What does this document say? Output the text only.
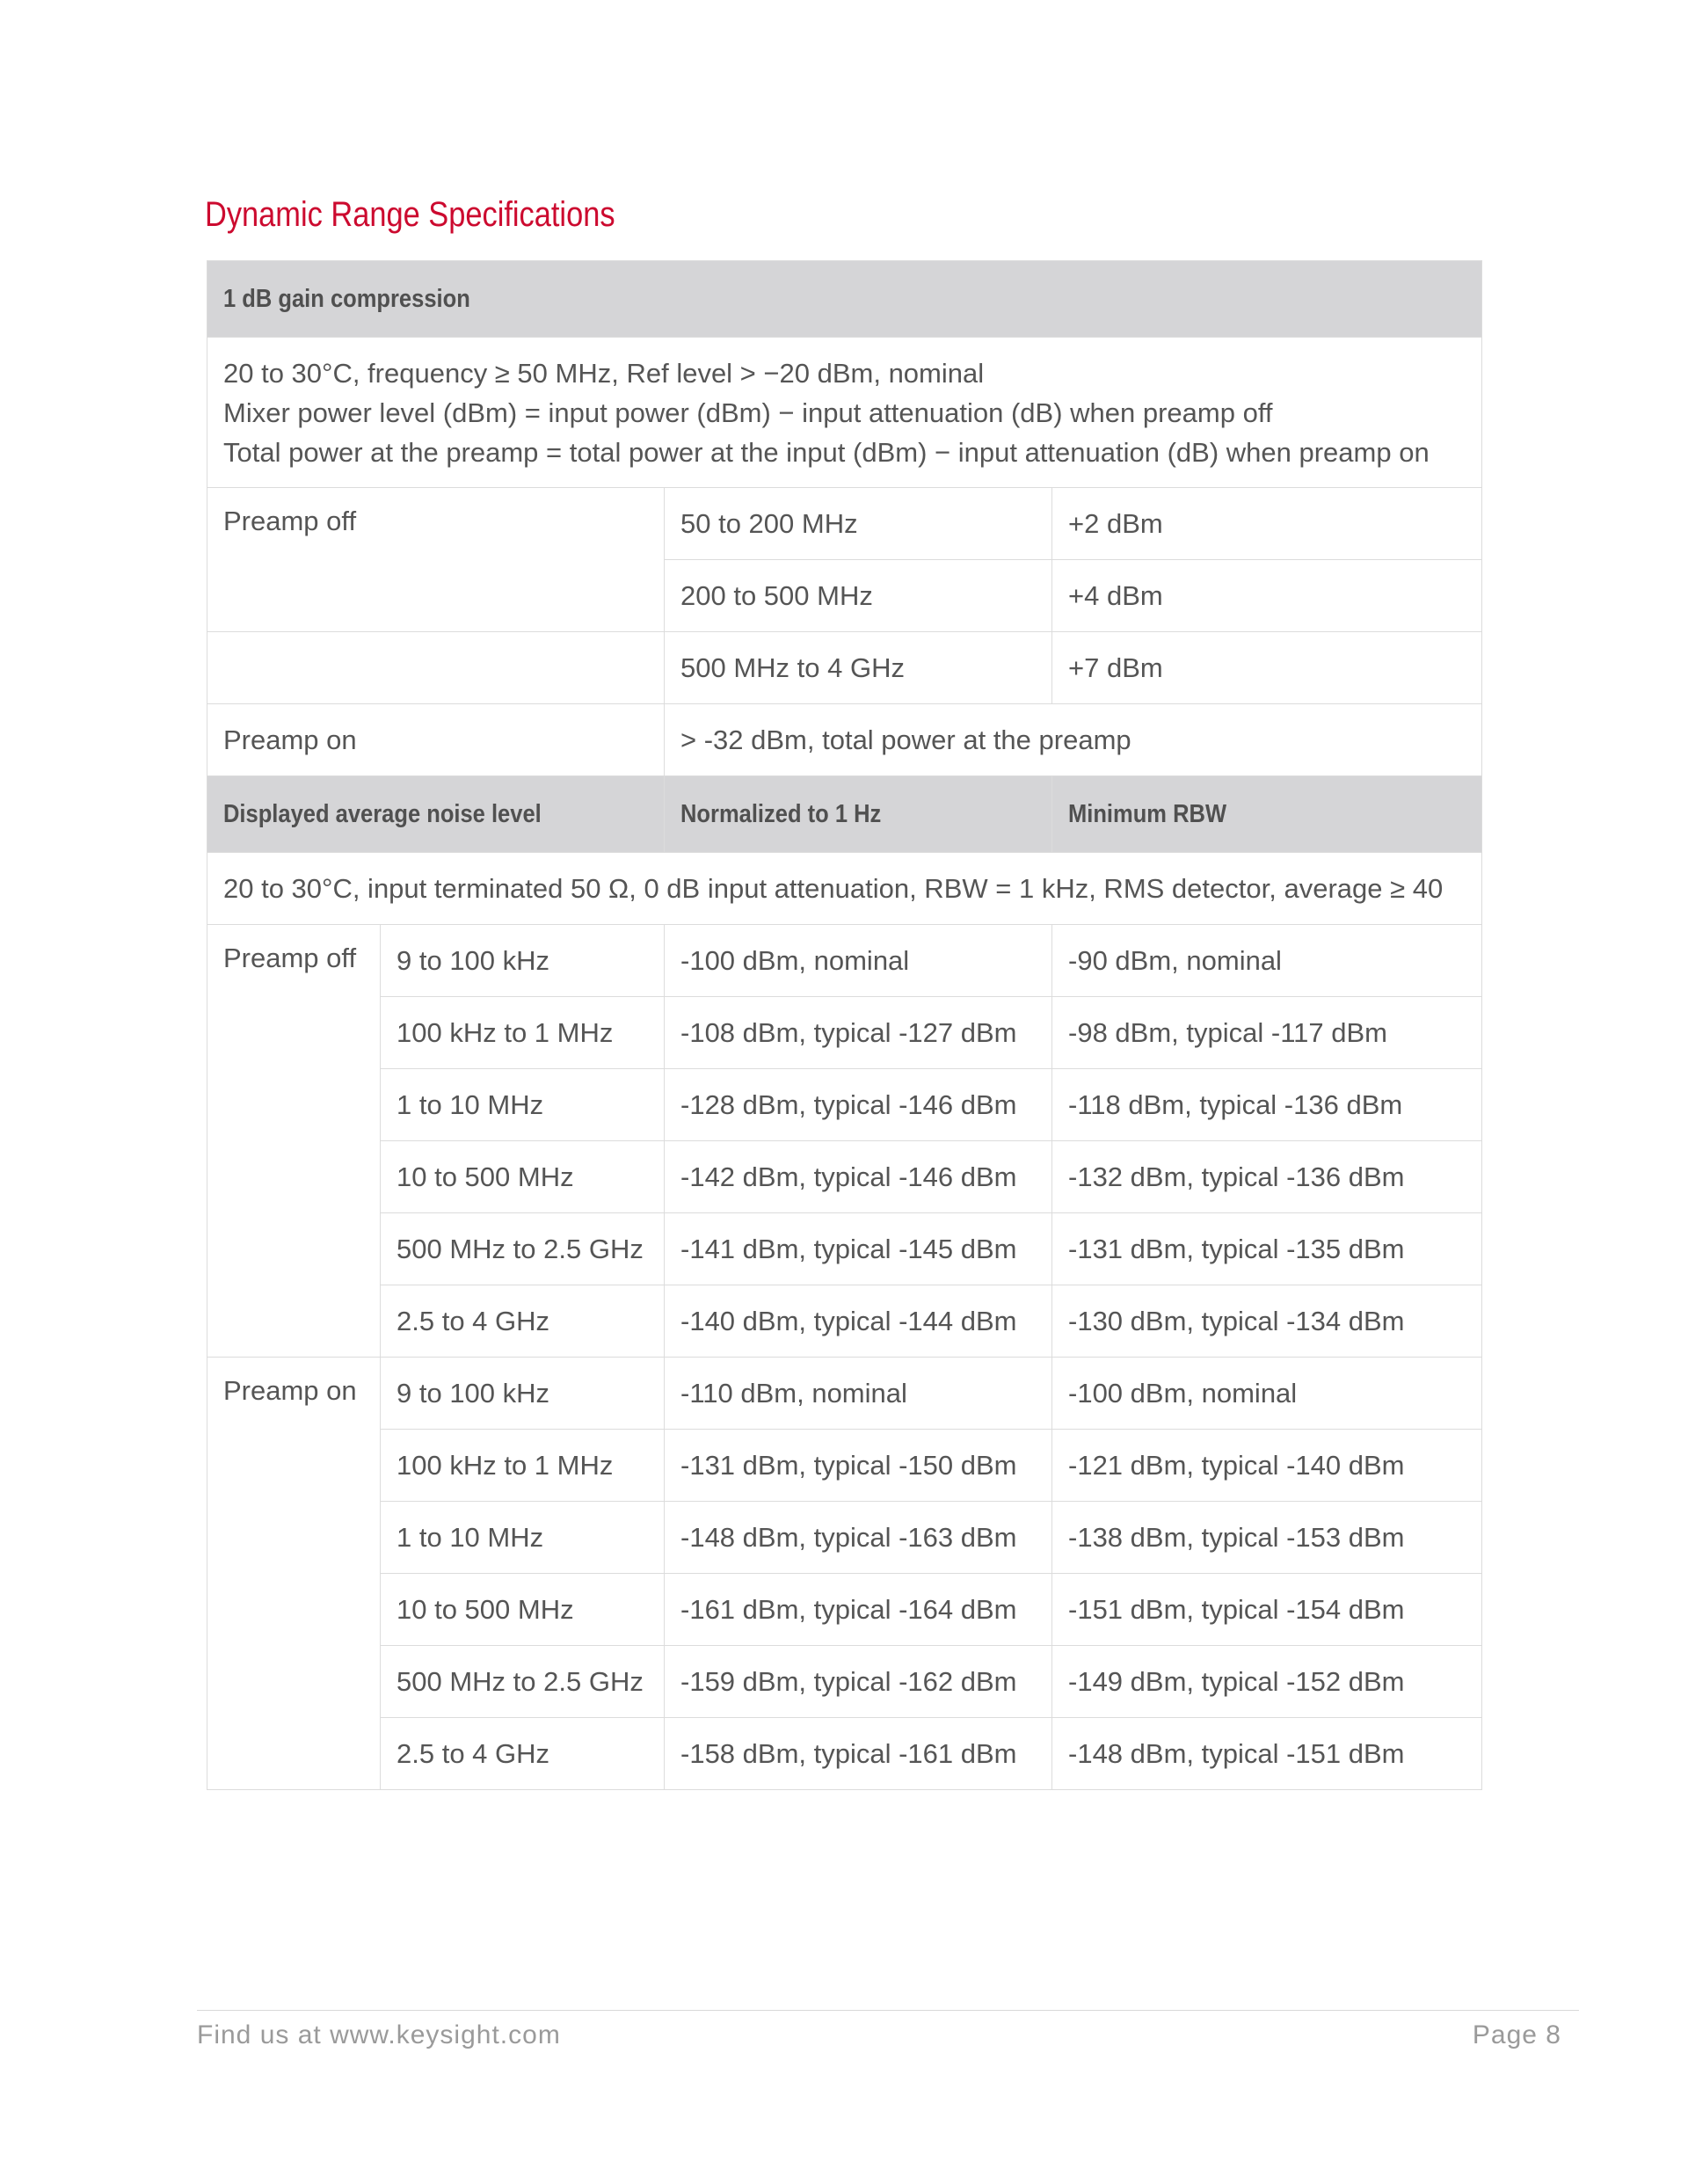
Dynamic Range Specifications
1 dB gain compression			

20 to 30°C, frequency ≥ 50 MHz, Ref level > −20 dBm, nominal
Mixer power level (dBm) = input power (dBm) − input attenuation (dB) when preamp off
Total power at the preamp = total power at the input (dBm) − input attenuation (dB) when preamp on			

Preamp off		50 to 200 MHz	+2 dBm
		200 to 500 MHz	+4 dBm
		500 MHz to 4 GHz	+7 dBm
Preamp on		> -32 dBm, total power at the preamp	
Displayed average noise level		Normalized to 1 Hz	Minimum RBW
20 to 30°C, input terminated 50 Ω, 0 dB input attenuation, RBW = 1 kHz, RMS detector, average ≥ 40			
Preamp off	9 to 100 kHz	-100 dBm, nominal	-90 dBm, nominal
	100 kHz to 1 MHz	-108 dBm, typical -127 dBm	-98 dBm, typical -117 dBm
	1 to 10 MHz	-128 dBm, typical -146 dBm	-118 dBm, typical -136 dBm
	10 to 500 MHz	-142 dBm, typical -146 dBm	-132 dBm, typical -136 dBm
	500 MHz to 2.5 GHz	-141 dBm, typical -145 dBm	-131 dBm, typical -135 dBm
	2.5 to 4 GHz	-140 dBm, typical -144 dBm	-130 dBm, typical -134 dBm
Preamp on	9 to 100 kHz	-110 dBm, nominal	-100 dBm, nominal
	100 kHz to 1 MHz	-131 dBm, typical -150 dBm	-121 dBm, typical -140 dBm
	1 to 10 MHz	-148 dBm, typical -163 dBm	-138 dBm, typical -153 dBm
	10 to 500 MHz	-161 dBm, typical -164 dBm	-151 dBm, typical -154 dBm
	500 MHz to 2.5 GHz	-159 dBm, typical -162 dBm	-149 dBm, typical -152 dBm
	2.5 to 4 GHz	-158 dBm, typical -161 dBm	-148 dBm, typical -151 dBm
Find us at www.keysight.com	Page 8
